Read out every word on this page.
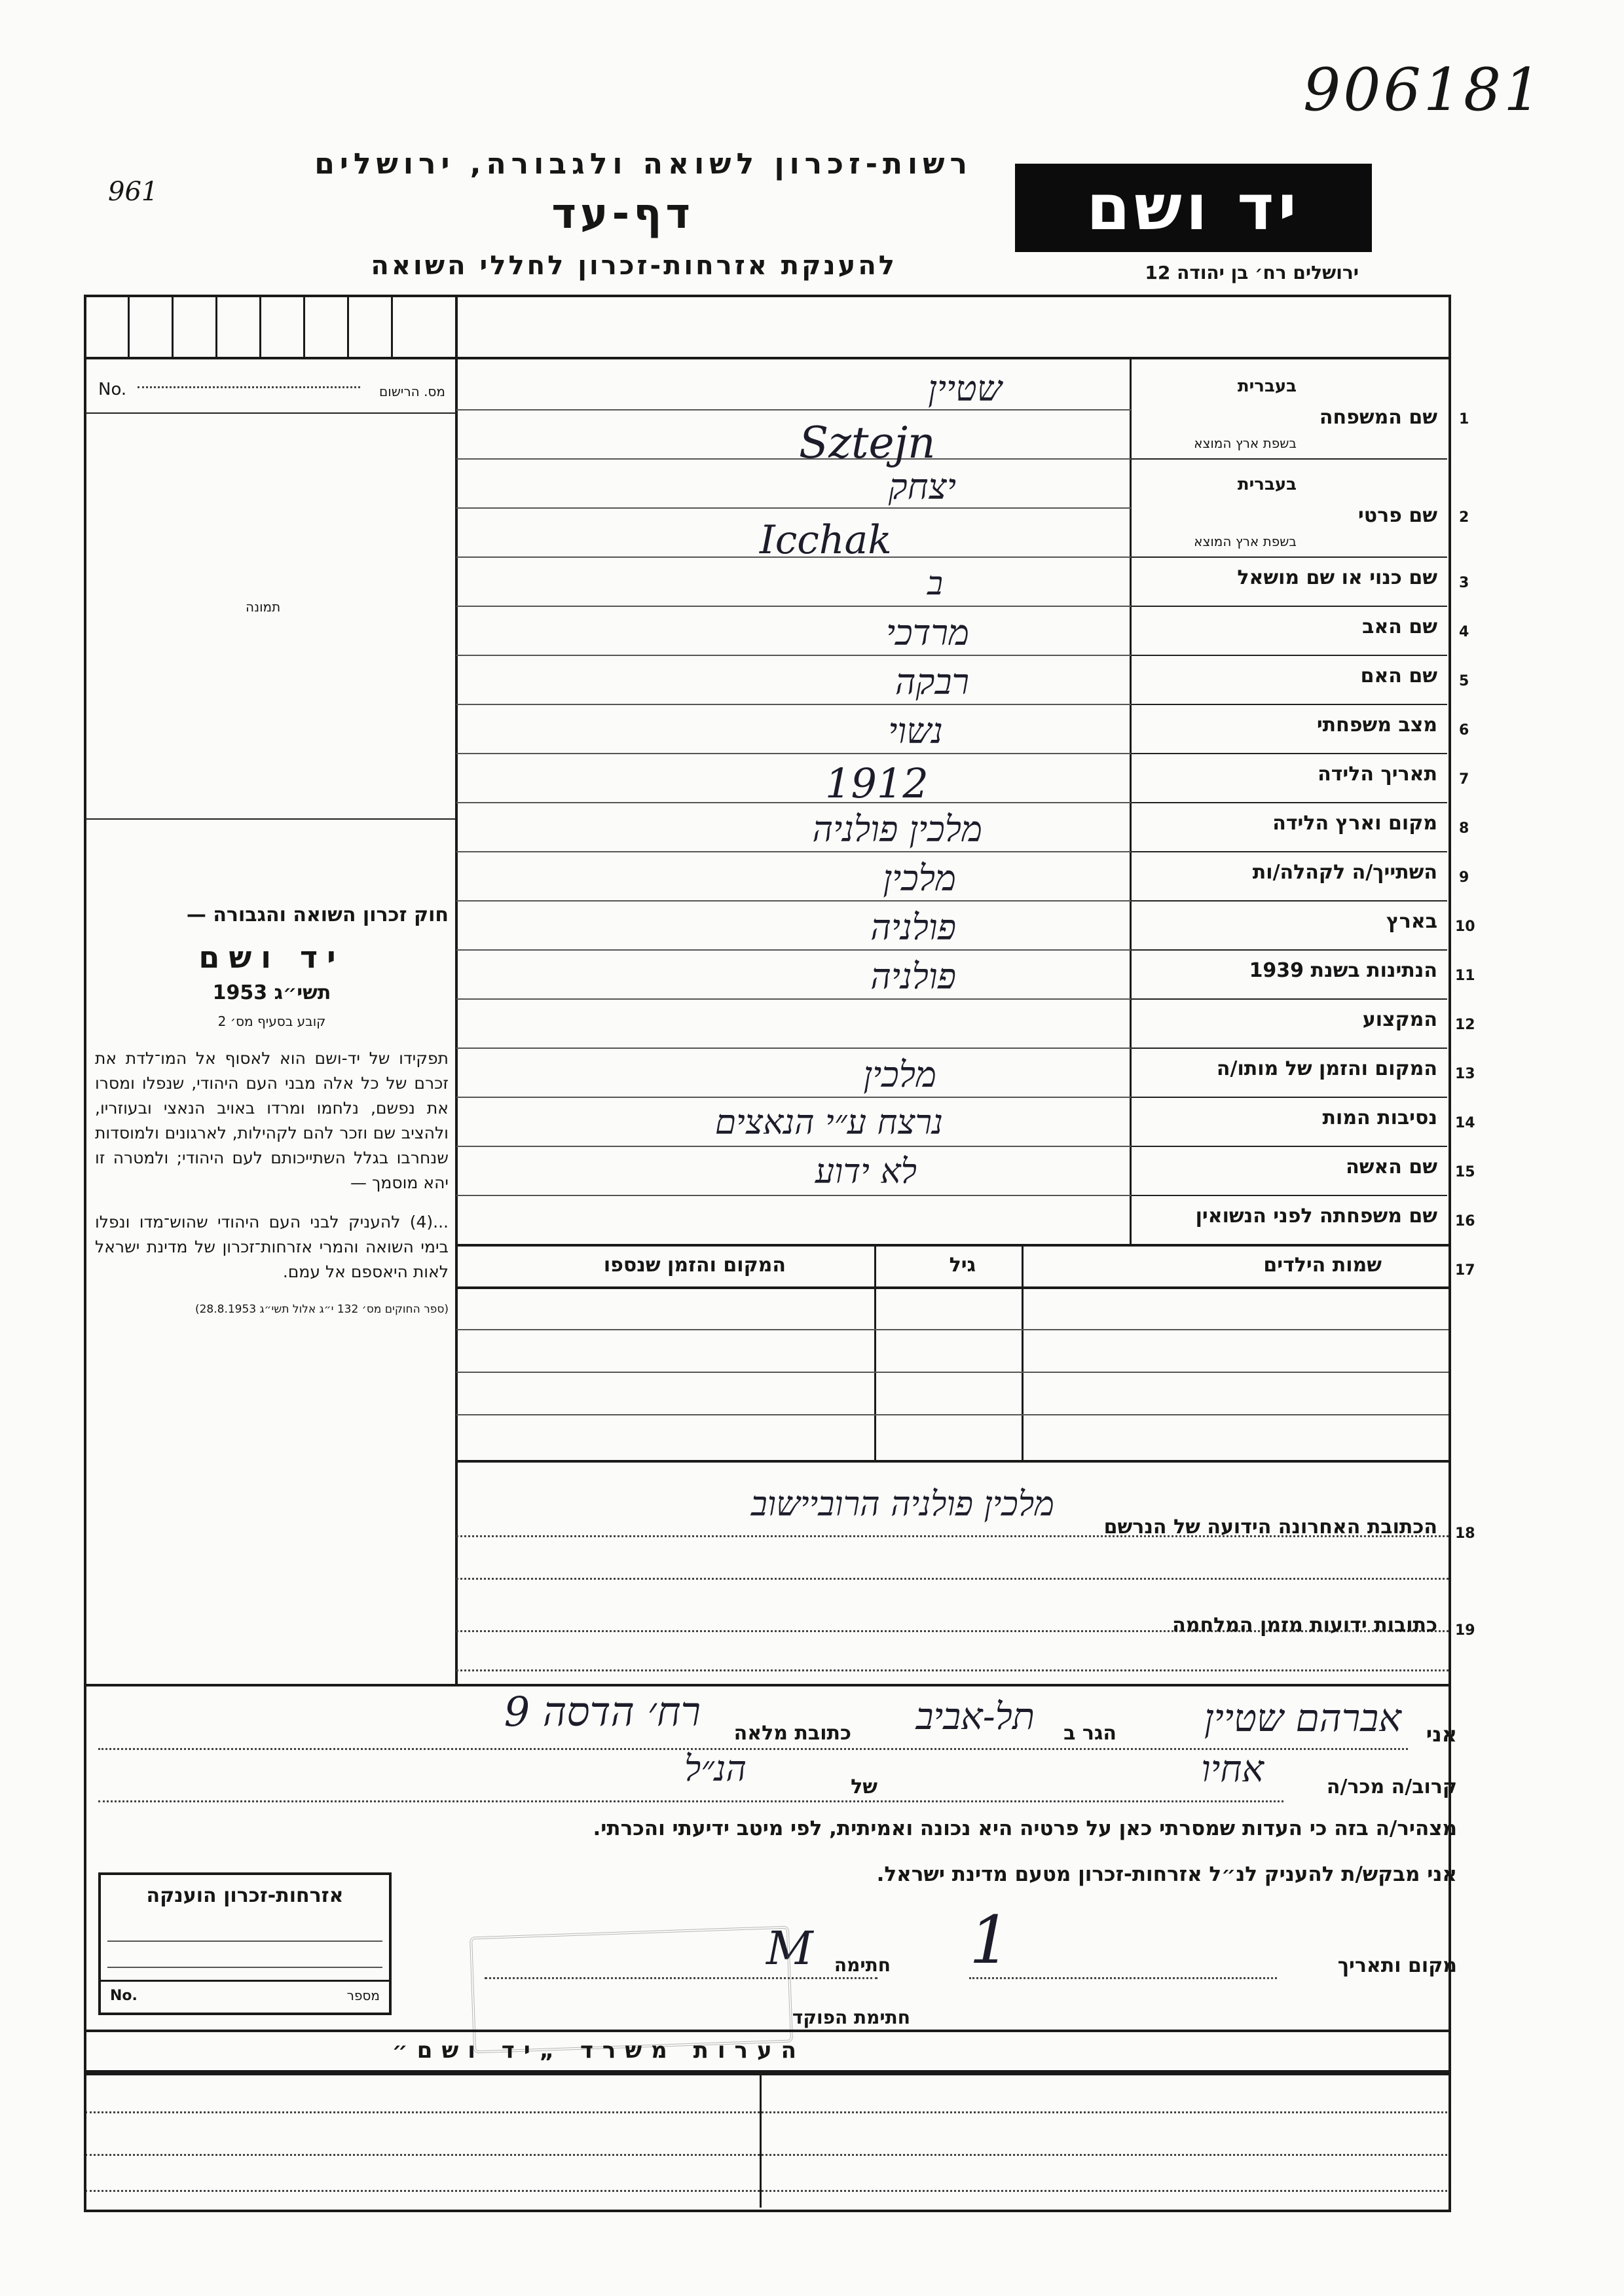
906181
961
רשות-זכרון לשואה ולגבורה, ירושלים
דף-עד
להענקת אזרחות-זכרון לחללי השואה
יד ושם
ירושלים רח׳ בן יהודה 12
No.	מס. הרישום
תמונה
חוק זכרון השואה והגבורה —
יד ושם
תשי״ג 1953
קובע בסעיף מס׳ 2
תפקידו של יד-ושם הוא לאסוף אל המו־לדת את זכרם של כל אלה מבני העם היהודי, שנפלו ומסרו את נפשם, נלחמו ומרדו באויב הנאצי ובעוזריו, ולהציב שם וזכר להם לקהילות, לארגונים ולמוסדות שנחרבו בגלל השתייכותם לעם היהודי; ולמטרה זו יהא מוסמך —
...(4) להעניק לבני העם היהודי שהוש־מדו ונפלו בימי השואה והמרי אזרחות־זכרון של מדינת ישראל לאות היאספם אל עמם.
(ספר החוקים מס׳ 132 י״ג אלול תשי״ג 28.8.1953)
1
שם המשפחה
בעברית
בשפת ארץ המוצא
שטיין
Sztejn
2
שם פרטי
בעברית
בשפת ארץ המוצא
יצחק
Icchak
3
שם כנוי או שם מושאל
ב
4
שם האב
מרדכי
5
שם האם
רבקה
6
מצב משפחתי
נשוי
7
תאריך הלידה
1912
8
מקום וארץ הלידה
מלכין פולניה
9
השתייך/ה לקהלה/ות
מלכין
10
בארץ
פולניה
11
הנתינות בשנת 1939
פולניה
12
המקצוע
13
המקום והזמן של מותו/ה
מלכין
14
נסיבות המות
נרצח ע״י הנאצים
15
שם האשה
לא ידוע
16
שם משפחתה לפני הנשואין
17
שמות הילדים
גיל
המקום והזמן שנספו
18
הכתובת האחרונה הידועה של הנרשם
מלכין פולניה הרוביישוב
19
כתובות ידועות מזמן המלחמה
אני
אברהם שטיין
הגר ב
תל-אביב
כתובת מלאה
רח׳ הדסה 9
קרוב/ה מכר/ה
אחיו
של
הנ״ל
מצהיר/ה בזה כי העדות שמסרתי כאן על פרטיה היא נכונה ואמיתית, לפי מיטב ידיעתי והכרתי.
אני מבקש/ת להעניק לנ״ל אזרחות-זכרון מטעם מדינת ישראל.
מקום ותאריך
1
חתימה
M
חתימת הפוקד
אזרחות-זכרון הוענקה
No.	מספר
הערות משרד „יד ושם״
